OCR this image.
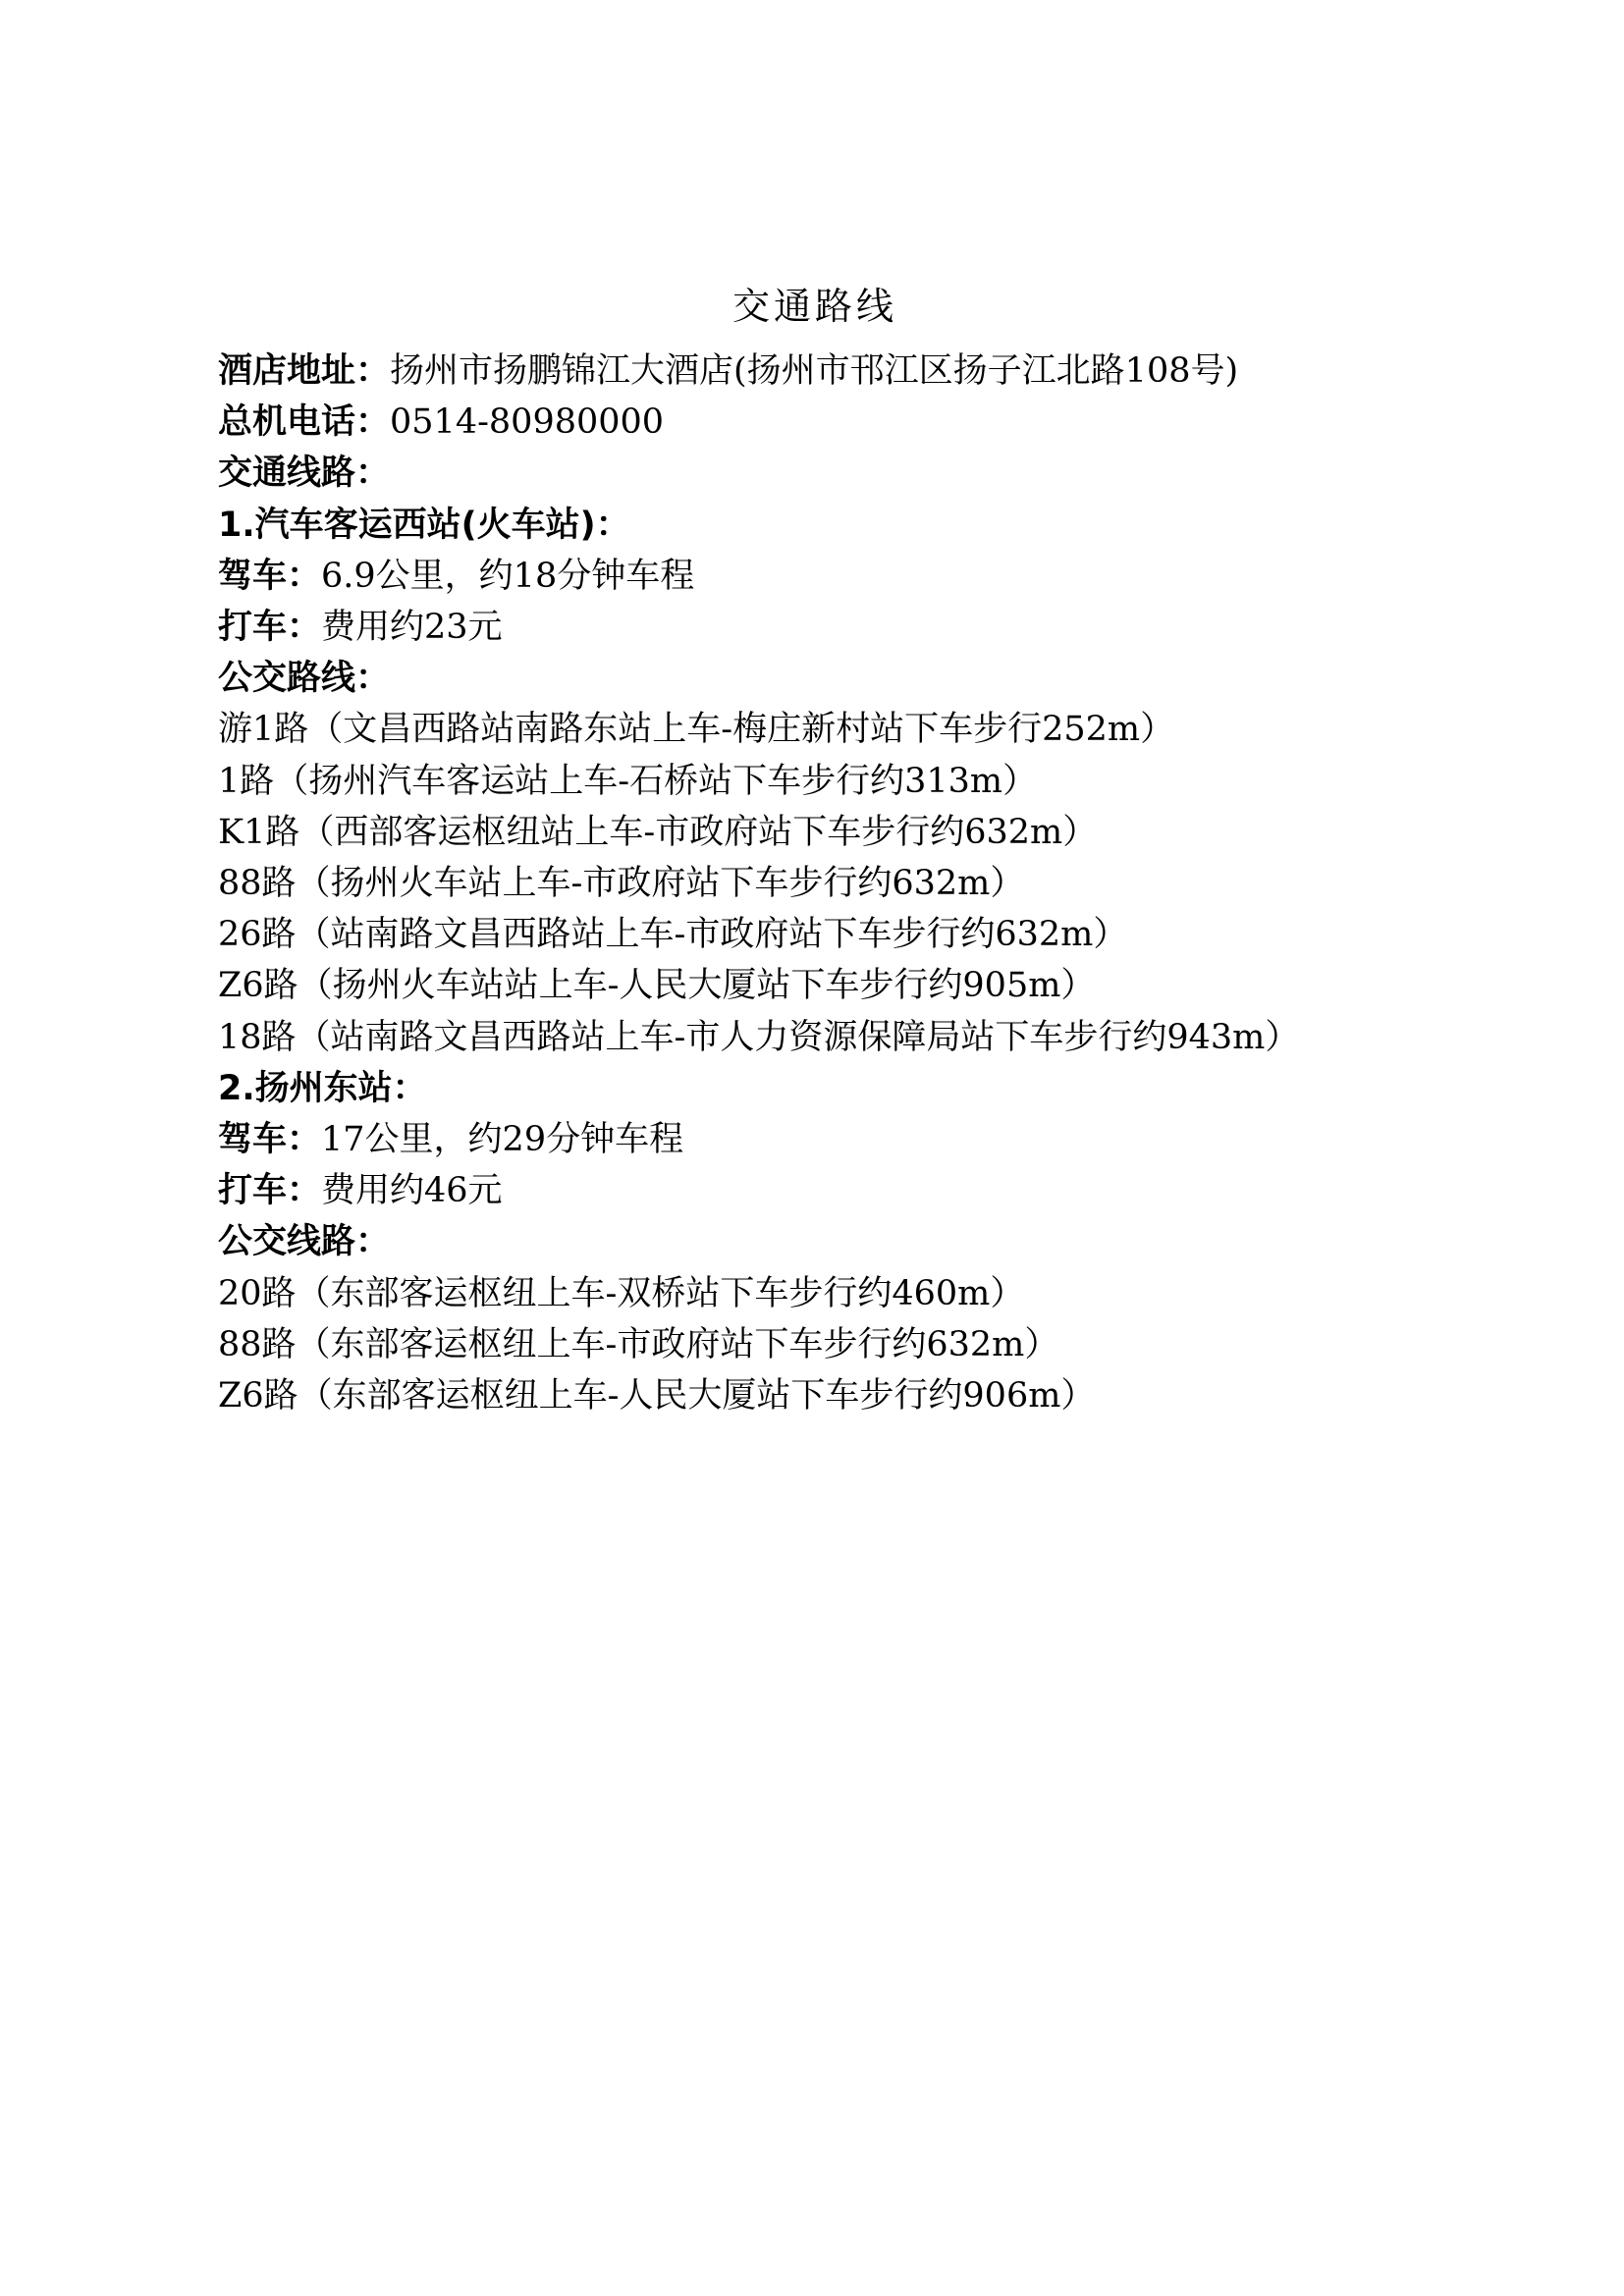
交通路线

酒店地址：扬州市扬鹏锦江大酒店(扬州市邗江区扬子江北路108号)

总机电话：0514-80980000

交通线路：

1.汽车客运西站(火车站)：

驾车：6.9公里，约18分钟车程

打车：费用约23元

公交路线：

游1路（文昌西路站南路东站上车-梅庄新村站下车步行252m）

1路（扬州汽车客运站上车-石桥站下车步行约313m）

K1路（西部客运枢纽站上车-市政府站下车步行约632m）

88路（扬州火车站上车-市政府站下车步行约632m）

26路（站南路文昌西路站上车-市政府站下车步行约632m）

Z6路（扬州火车站站上车-人民大厦站下车步行约905m）

18路（站南路文昌西路站上车-市人力资源保障局站下车步行约943m）

2.扬州东站：

驾车：17公里，约29分钟车程

打车：费用约46元

公交线路：

20路（东部客运枢纽上车-双桥站下车步行约460m）

88路（东部客运枢纽上车-市政府站下车步行约632m）

Z6路（东部客运枢纽上车-人民大厦站下车步行约906m）
